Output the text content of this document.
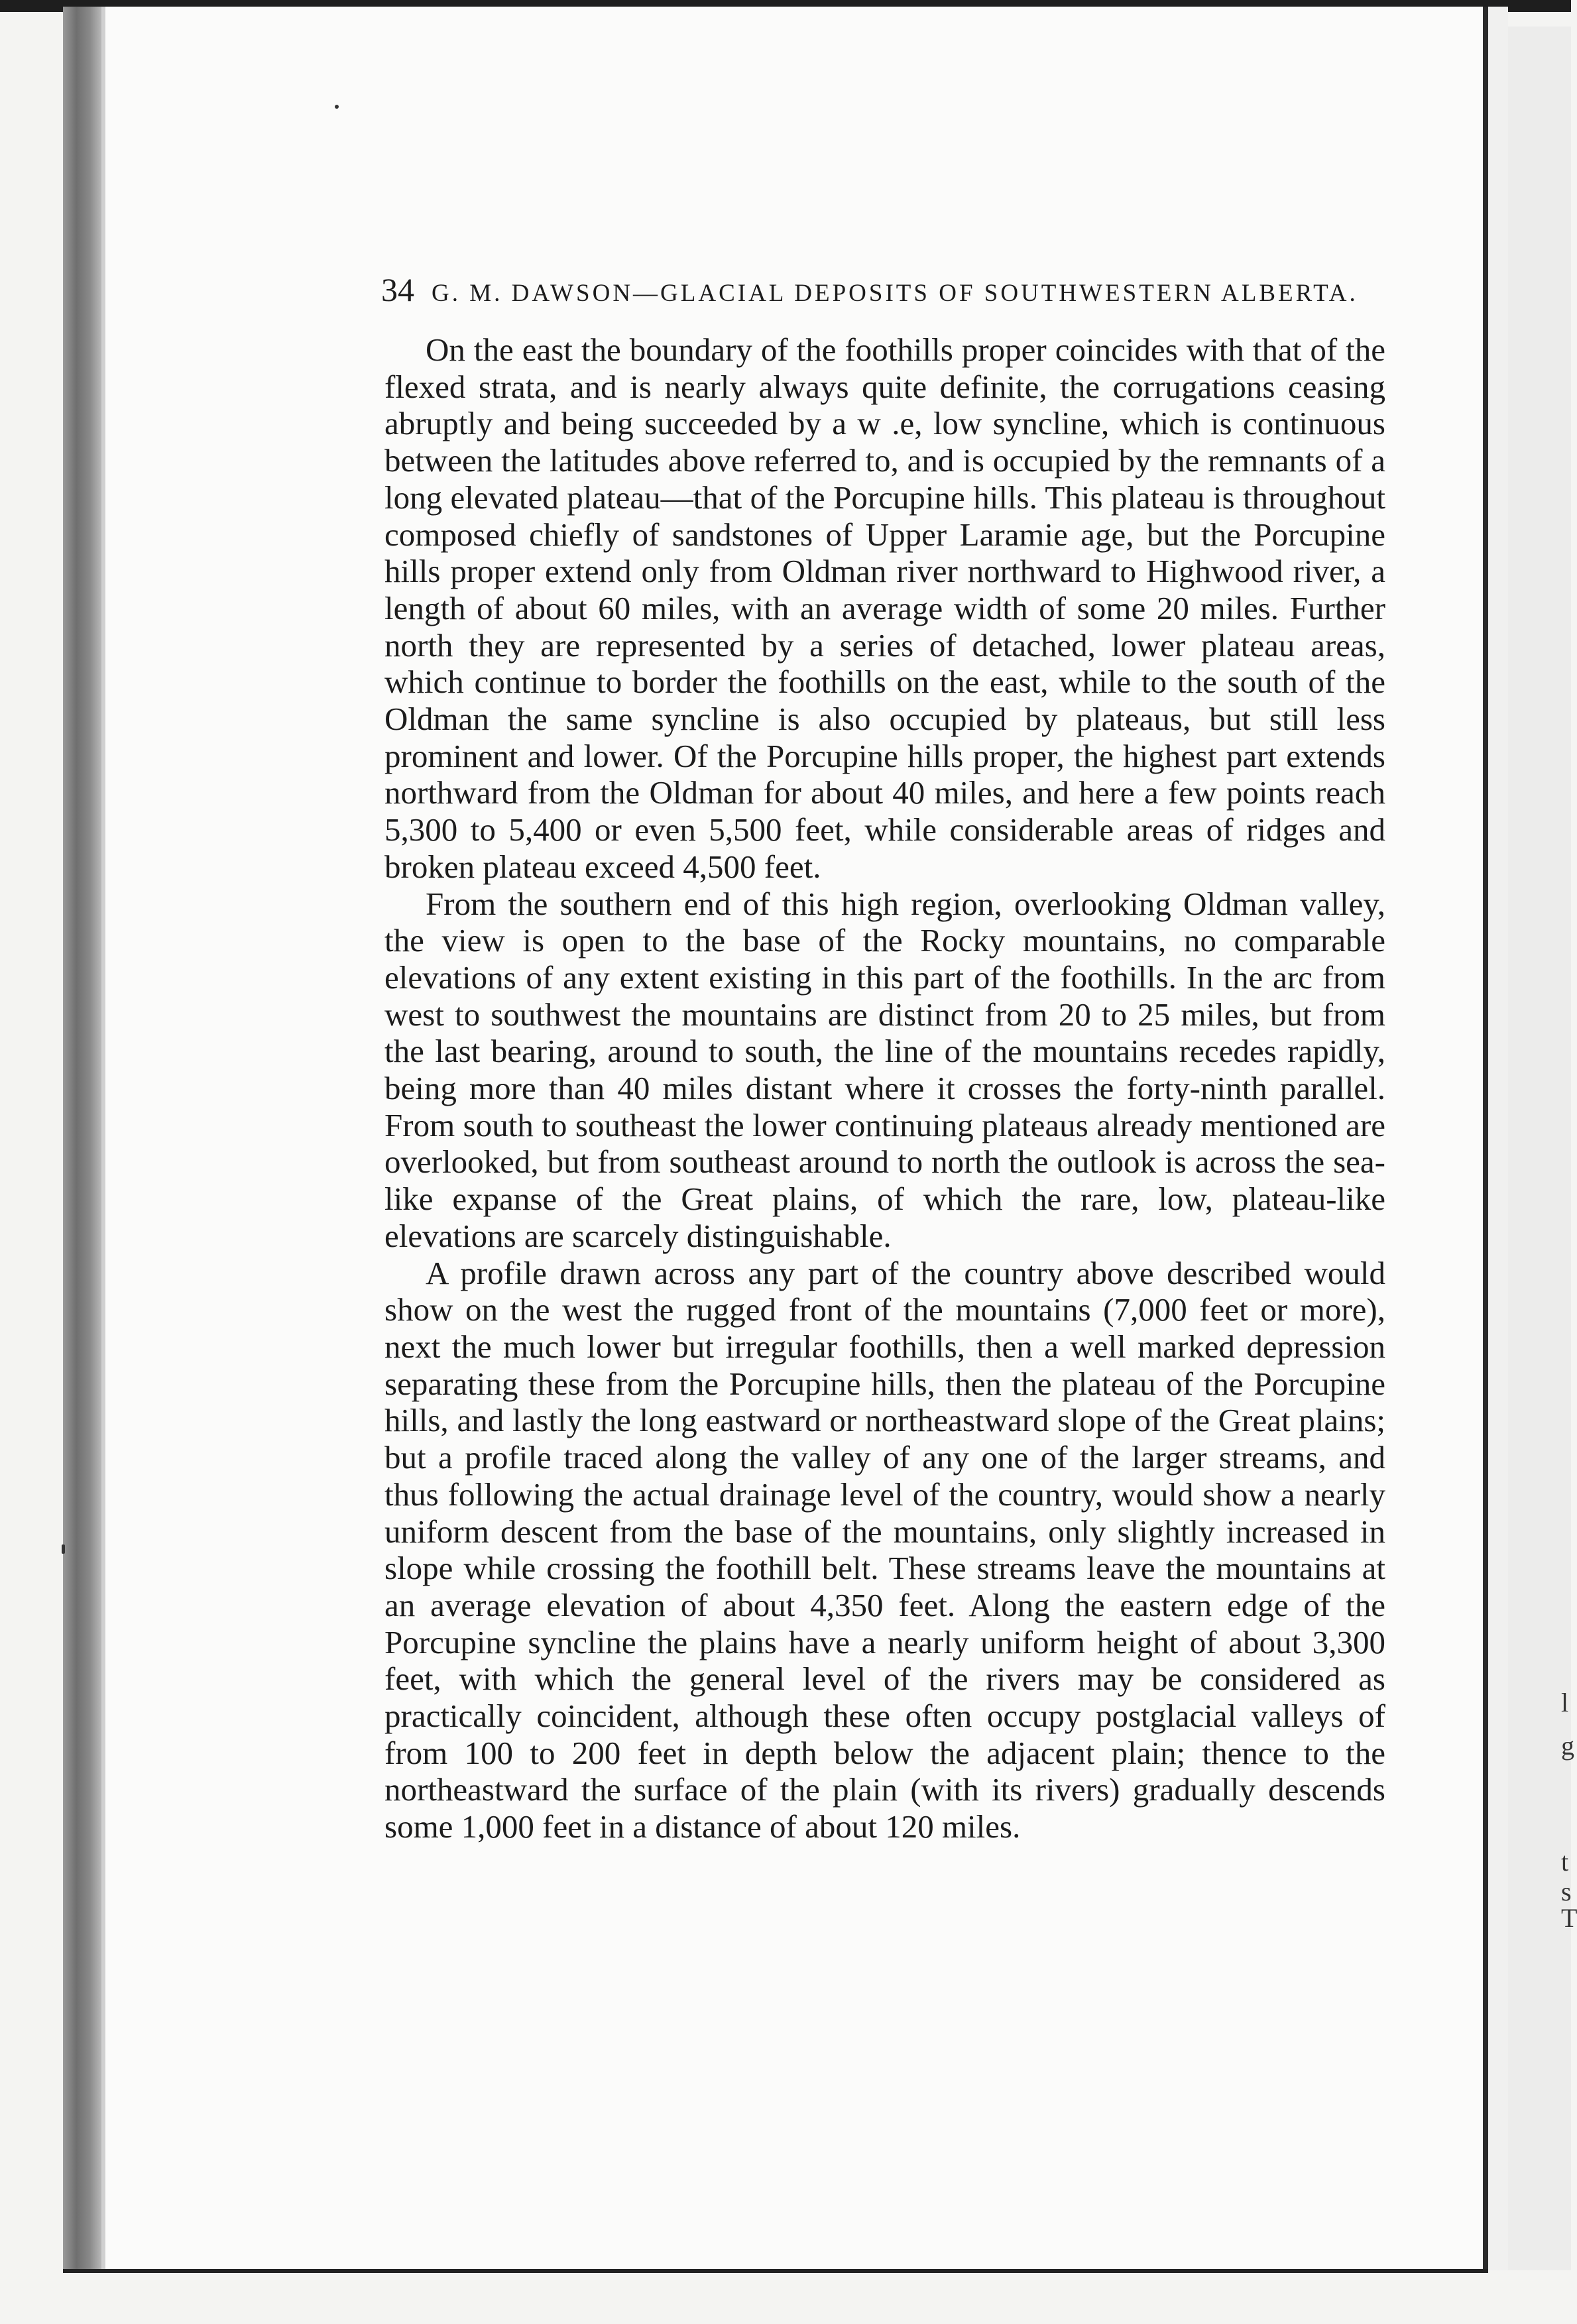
l
g
t
s
T
34 G. M. DAWSON—GLACIAL DEPOSITS OF SOUTHWESTERN ALBERTA.

On the east the boundary of the foothills proper coincides with that of the flexed strata, and is nearly always quite definite, the corrugations ceasing abruptly and being succeeded by a w .e, low syncline, which is continuous between the latitudes above referred to, and is occupied by the remnants of a long elevated plateau—that of the Porcupine hills. This plateau is throughout composed chiefly of sandstones of Upper Laramie age, but the Porcupine hills proper extend only from Oldman river northward to Highwood river, a length of about 60 miles, with an average width of some 20 miles. Further north they are represented by a series of detached, lower plateau areas, which continue to border the foothills on the east, while to the south of the Oldman the same syncline is also occupied by plateaus, but still less prominent and lower. Of the Porcupine hills proper, the highest part extends northward from the Oldman for about 40 miles, and here a few points reach 5,300 to 5,400 or even 5,500 feet, while considerable areas of ridges and broken plateau exceed 4,500 feet.

From the southern end of this high region, overlooking Oldman valley, the view is open to the base of the Rocky mountains, no comparable elevations of any extent existing in this part of the foothills. In the arc from west to southwest the mountains are distinct from 20 to 25 miles, but from the last bearing, around to south, the line of the mountains recedes rapidly, being more than 40 miles distant where it crosses the forty-ninth parallel. From south to southeast the lower continuing plateaus already mentioned are overlooked, but from southeast around to north the outlook is across the sea-like expanse of the Great plains, of which the rare, low, plateau-like elevations are scarcely distinguishable.

A profile drawn across any part of the country above described would show on the west the rugged front of the mountains (7,000 feet or more), next the much lower but irregular foothills, then a well marked depression separating these from the Porcupine hills, then the plateau of the Porcupine hills, and lastly the long eastward or northeastward slope of the Great plains; but a profile traced along the valley of any one of the larger streams, and thus following the actual drainage level of the country, would show a nearly uniform descent from the base of the mountains, only slightly increased in slope while crossing the foothill belt. These streams leave the mountains at an average elevation of about 4,350 feet. Along the eastern edge of the Porcupine syncline the plains have a nearly uniform height of about 3,300 feet, with which the general level of the rivers may be considered as practically coincident, although these often occupy postglacial valleys of from 100 to 200 feet in depth below the adjacent plain; thence to the northeastward the surface of the plain (with its rivers) gradually descends some 1,000 feet in a distance of about 120 miles.
